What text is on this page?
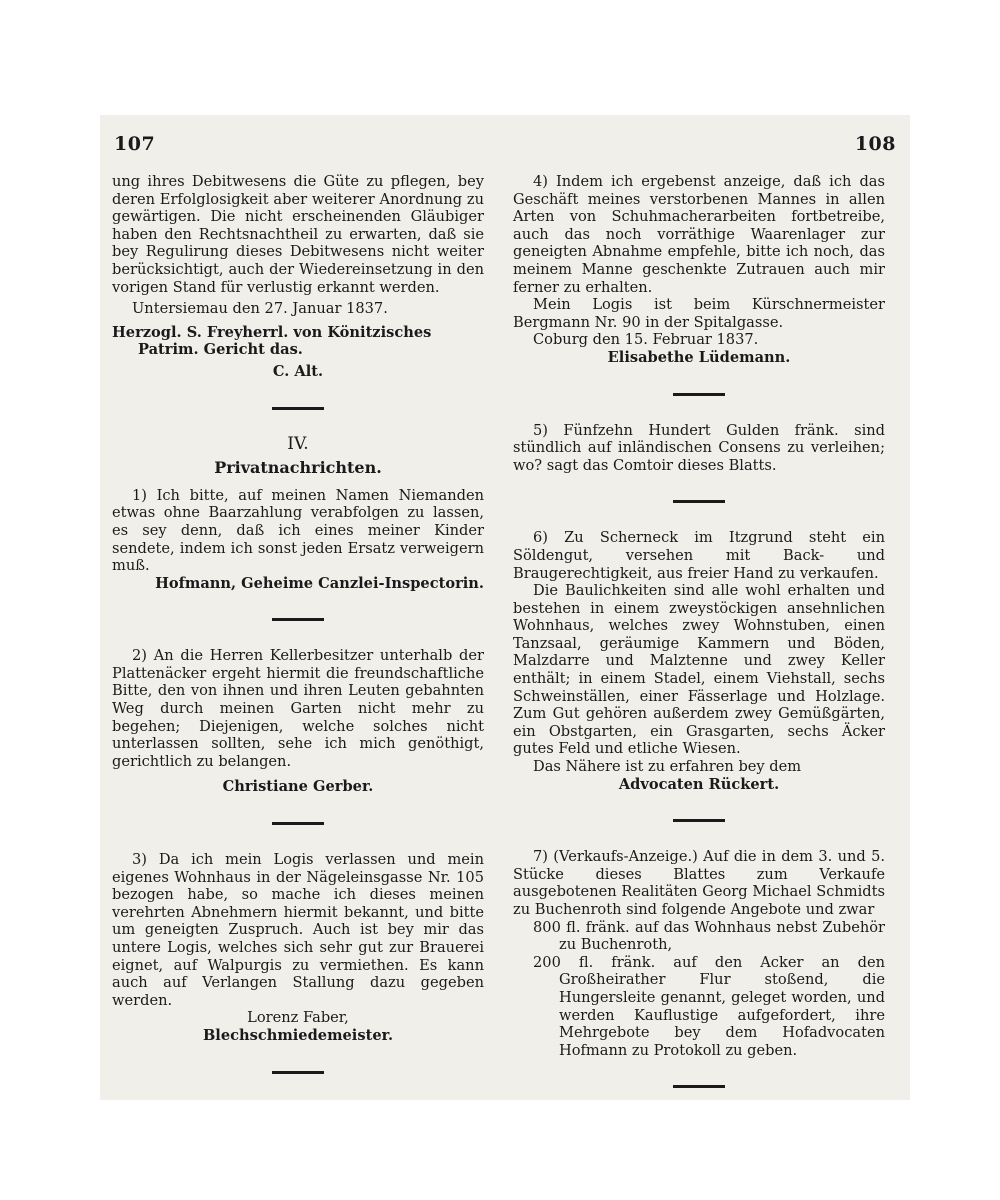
107	108

ung ihres Debitwesens die Güte zu pflegen, bey deren Erfolglosigkeit aber weiterer Anordnung zu gewärtigen. Die nicht erscheinenden Gläubiger haben den Rechtsnachtheil zu erwarten, daß sie bey Regulirung dieses Debitwesens nicht weiter berücksichtigt, auch der Wiedereinsetzung in den vorigen Stand für verlustig erkannt werden.

Untersiemau den 27. Januar 1837.

Herzogl. S. Freyherrl. von Könitzisches Patrim. Gericht das.

C. Alt.

IV.
Privatnachrichten.

1) Ich bitte, auf meinen Namen Niemanden etwas ohne Baarzahlung verabfolgen zu lassen, es sey denn, daß ich eines meiner Kinder sendete, indem ich sonst jeden Ersatz verweigern muß.

Hofmann, Geheime Canzlei-Inspectorin.

2) An die Herren Kellerbesitzer unterhalb der Plattenäcker ergeht hiermit die freundschaftliche Bitte, den von ihnen und ihren Leuten gebahnten Weg durch meinen Garten nicht mehr zu begehen; Diejenigen, welche solches nicht unterlassen sollten, sehe ich mich genöthigt, gerichtlich zu belangen.

Christiane Gerber.

3) Da ich mein Logis verlassen und mein eigenes Wohnhaus in der Nägeleinsgasse Nr. 105 bezogen habe, so mache ich dieses meinen verehrten Abnehmern hiermit bekannt, und bitte um geneigten Zuspruch. Auch ist bey mir das untere Logis, welches sich sehr gut zur Brauerei eignet, auf Walpurgis zu vermiethen. Es kann auch auf Verlangen Stallung dazu gegeben werden.

Lorenz Faber,

Blechschmiedemeister.

4) Indem ich ergebenst anzeige, daß ich das Geschäft meines verstorbenen Mannes in allen Arten von Schuhmacherarbeiten fortbetreibe, auch das noch vorräthige Waarenlager zur geneigten Abnahme empfehle, bitte ich noch, das meinem Manne geschenkte Zutrauen auch mir ferner zu erhalten.

Mein Logis ist beim Kürschnermeister Bergmann Nr. 90 in der Spitalgasse.

Coburg den 15. Februar 1837.

Elisabethe Lüdemann.

5) Fünfzehn Hundert Gulden fränk. sind stündlich auf inländischen Consens zu verleihen; wo? sagt das Comtoir dieses Blatts.

6) Zu Scherneck im Itzgrund steht ein Söldengut, versehen mit Back- und Braugerechtigkeit, aus freier Hand zu verkaufen.

Die Baulichkeiten sind alle wohl erhalten und bestehen in einem zweystöckigen ansehnlichen Wohnhaus, welches zwey Wohnstuben, einen Tanzsaal, geräumige Kammern und Böden, Malzdarre und Malztenne und zwey Keller enthält; in einem Stadel, einem Viehstall, sechs Schweinställen, einer Fässerlage und Holzlage. Zum Gut gehören außerdem zwey Gemüßgärten, ein Obstgarten, ein Grasgarten, sechs Äcker gutes Feld und etliche Wiesen.

Das Nähere ist zu erfahren bey dem

Advocaten Rückert.

7) (Verkaufs-Anzeige.) Auf die in dem 3. und 5. Stücke dieses Blattes zum Verkaufe ausgebotenen Realitäten Georg Michael Schmidts zu Buchenroth sind folgende Angebote und zwar

800 fl. fränk. auf das Wohnhaus nebst Zubehör zu Buchenroth,

200 fl. fränk. auf den Acker an den Großheirather Flur stoßend, die Hungersleite genannt, geleget worden, und werden Kauflustige aufgefordert, ihre Mehrgebote bey dem Hofadvocaten Hofmann zu Protokoll zu geben.
